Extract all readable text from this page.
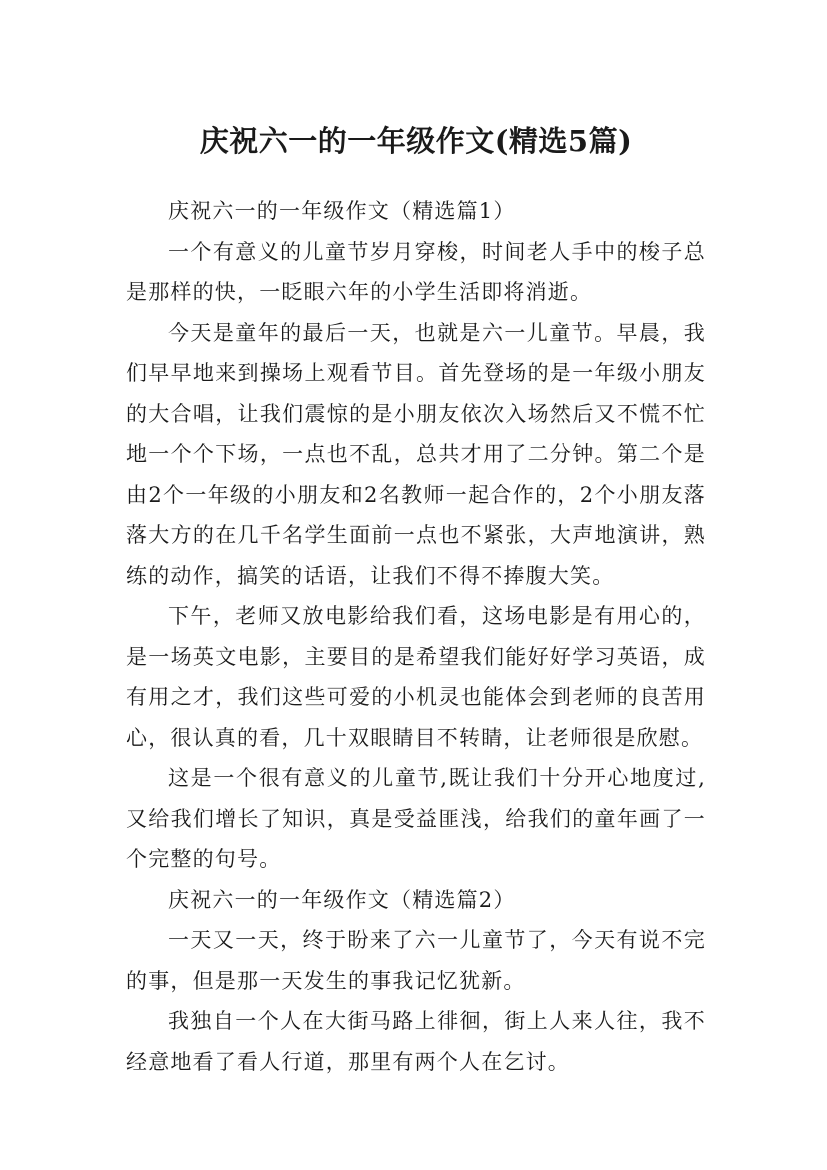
庆祝六一的一年级作文(精选5篇)

庆祝六一的一年级作文（精选篇1）

一个有意义的儿童节岁月穿梭，时间老人手中的梭子总是那样的快，一眨眼六年的小学生活即将消逝。

今天是童年的最后一天，也就是六一儿童节。早晨，我们早早地来到操场上观看节目。首先登场的是一年级小朋友的大合唱，让我们震惊的是小朋友依次入场然后又不慌不忙地一个个下场，一点也不乱，总共才用了二分钟。第二个是由2个一年级的小朋友和2名教师一起合作的，2个小朋友落落大方的在几千名学生面前一点也不紧张，大声地演讲，熟练的动作，搞笑的话语，让我们不得不捧腹大笑。

下午，老师又放电影给我们看，这场电影是有用心的，是一场英文电影，主要目的是希望我们能好好学习英语，成有用之才，我们这些可爱的小机灵也能体会到老师的良苦用心，很认真的看，几十双眼睛目不转睛，让老师很是欣慰。

这是一个很有意义的儿童节,既让我们十分开心地度过,又给我们增长了知识，真是受益匪浅，给我们的童年画了一个完整的句号。

庆祝六一的一年级作文（精选篇2）

一天又一天，终于盼来了六一儿童节了，今天有说不完的事，但是那一天发生的事我记忆犹新。

我独自一个人在大街马路上徘徊，街上人来人往，我不经意地看了看人行道，那里有两个人在乞讨。
